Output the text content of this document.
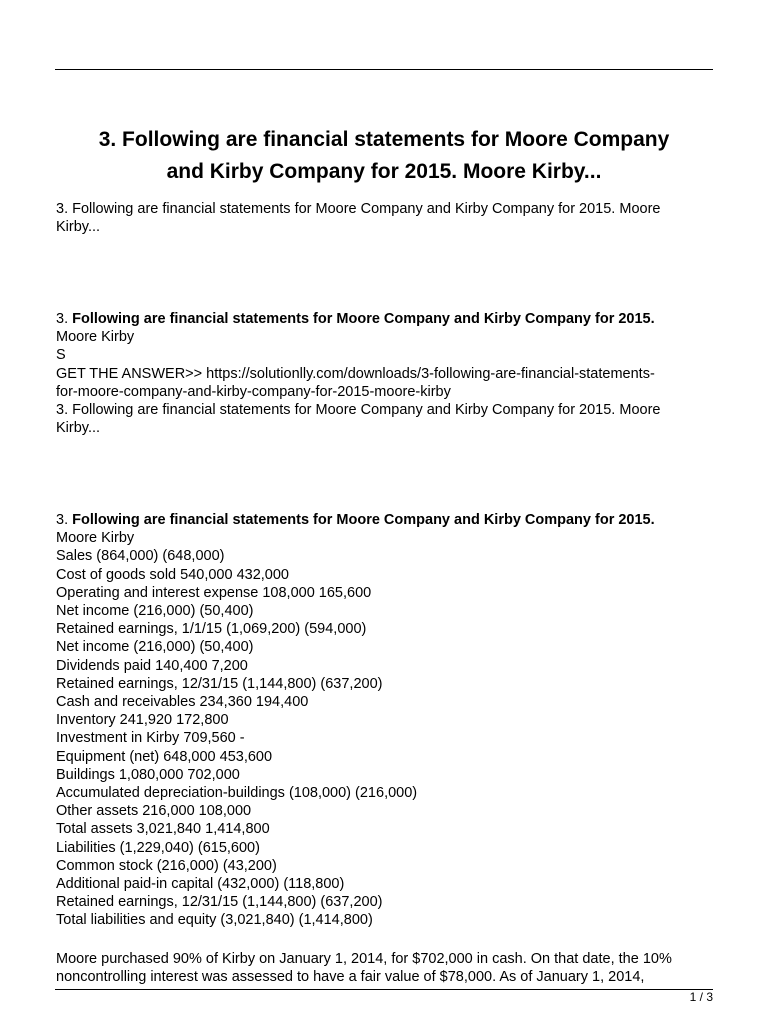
3. Following are financial statements for Moore Company
and Kirby Company for 2015. Moore Kirby...
3. Following are financial statements for Moore Company and Kirby Company for 2015. Moore
Kirby...
3. Following are financial statements for Moore Company and Kirby Company for 2015.
Moore Kirby
S
GET THE ANSWER>> https://solutionlly.com/downloads/3-following-are-financial-statements-
for-moore-company-and-kirby-company-for-2015-moore-kirby
3. Following are financial statements for Moore Company and Kirby Company for 2015. Moore
Kirby...
3. Following are financial statements for Moore Company and Kirby Company for 2015.
Moore Kirby
Sales (864,000) (648,000)
Cost of goods sold 540,000 432,000
Operating and interest expense 108,000 165,600
Net income (216,000) (50,400)
Retained earnings, 1/1/15 (1,069,200) (594,000)
Net income (216,000) (50,400)
Dividends paid 140,400 7,200
Retained earnings, 12/31/15 (1,144,800) (637,200)
Cash and receivables 234,360 194,400
Inventory 241,920 172,800
Investment in Kirby 709,560 -
Equipment (net) 648,000 453,600
Buildings 1,080,000 702,000
Accumulated depreciation-buildings (108,000) (216,000)
Other assets 216,000 108,000
Total assets 3,021,840 1,414,800
Liabilities (1,229,040) (615,600)
Common stock (216,000) (43,200)
Additional paid-in capital (432,000) (118,800)
Retained earnings, 12/31/15 (1,144,800) (637,200)
Total liabilities and equity (3,021,840) (1,414,800)
Moore purchased 90% of Kirby on January 1, 2014, for $702,000 in cash. On that date, the 10%
noncontrolling interest was assessed to have a fair value of $78,000. As of January 1, 2014,
1 / 3
